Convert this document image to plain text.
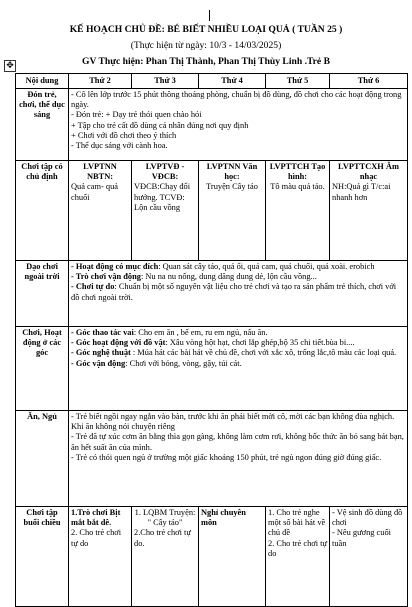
KẾ HOẠCH CHỦ ĐỀ: BÉ BIẾT NHIỀU LOẠI QUẢ ( TUẦN 25 )
(Thực hiện từ ngày: 10/3 - 14/03/2025)
GV Thực hiện: Phan Thị Thành, Phan Thị Thùy Linh .Trẻ B
✥
Nội dung	Thứ 2	Thứ 3	Thứ 4	Thứ 5	Thứ 6
Đón trẻ, chơi, thể dục sáng	- Cô lên lớp trước 15 phút thông thoáng phòng, chuẩn bị đồ dùng, đồ chơi cho các hoạt động trong ngày.
- Đón trẻ: + Dạy trẻ thói quen chào hỏi
+ Tập cho trẻ cất đồ dùng cá nhân đúng nơi quy định
+ Chơi với đồ chơi theo ý thích
- Thể dục sáng với cành hoa.				

Chơi tập có chủ định	LVPTNN NBTN:
Quả cam- quả chuối	LVPTVĐ -VĐCB:
VĐCB:Chạy đổi hướng. TCVĐ: Lộn cầu vồng	LVPTNN Văn học:
Truyện Cây táo	LVPTTCH Tạo hình:
Tô màu quả táo.	LVPTTCXH Âm nhạc
NH:Quả gì T/c:ai nhanh hơn

Dạo chơi ngoài trời	- Hoạt động có mục đích: Quan sát cây táo, quả ổi, quả cam, quả chuối, quả xoài. erobich
- Trò chơi vận động: Nu na nu nống, dung dăng dung dẻ, lộn cầu vồng...
- Chơi tự do: Chuẩn bị một số nguyên vật liệu cho trẻ chơi và tạo ra sản phẩm trẻ thích, chơi với đồ chơi ngoài trời.				

Chơi, Hoạt động ở các góc	- Góc thao tác vai: Cho em ăn , bế em, ru em ngủ, nấu ăn.
- Góc hoạt động với đồ vật: Xâu vòng hột hạt, chơi lắp ghép,bộ 35 chi tiết.bùa bi....
- Góc nghệ thuật : Múa hát các bài hát về chủ đề, chơi với xắc xô, trống lắc,tô màu các loại quả.
- Góc vận động: Chơi với bóng, vòng, gậy, túi cát.				

Ăn, Ngủ	- Trẻ biết ngồi ngay ngắn vào bàn, trước khi ăn phải biết mời cô, mời các bạn không đùa nghịch. Khi ăn không nói chuyện riêng
- Trẻ đã tự xúc cơm ăn bằng thìa gọn gàng, không làm cơm rơi, không bốc thức ăn bỏ sang bát bạn, ăn hết suất ăn của mình.
- Trẻ có thói quen ngủ ở trường một giấc khoảng 150 phút, trẻ ngủ ngon đúng giờ đúng giấc.				

Chơi tập buổi chiều	1.Trò chơi Bịt mắt bắt dê.
2. Cho trẻ chơi tự do	1. LQBM Truyện: " Cây táo"
2.Cho trẻ chơi tự do.	Nghỉ chuyên môn	1. Cho trẻ nghe một số bài hát về chủ đề
2. Cho trẻ chơi tự do	- Vệ sinh đồ dùng đồ chơi
- Nêu gương cuối tuần
